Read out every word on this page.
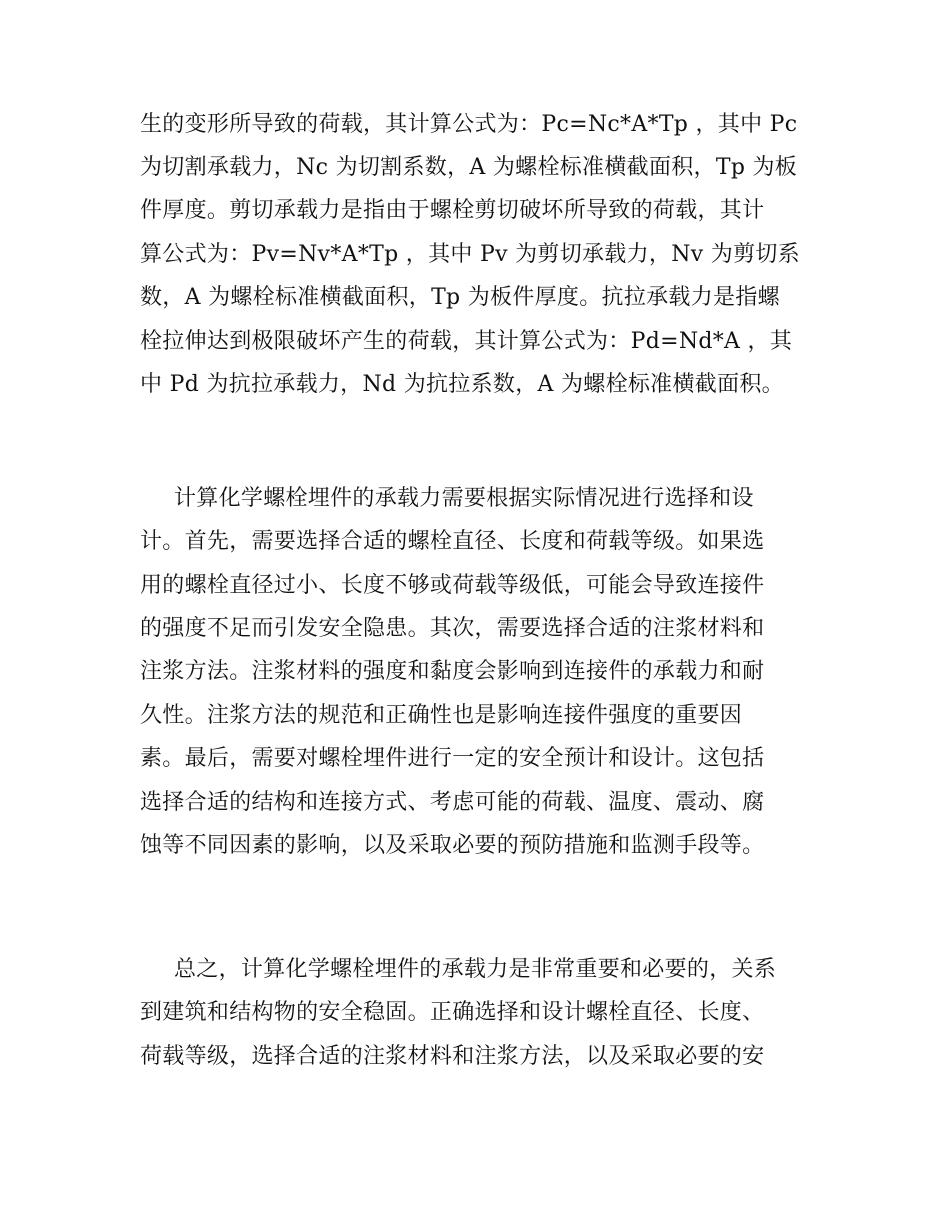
生的变形所导致的荷载，其计算公式为：Pc=Nc*A*Tp ，其中 Pc
为切割承载力，Nc 为切割系数，A 为螺栓标准横截面积，Tp 为板
件厚度。剪切承载力是指由于螺栓剪切破坏所导致的荷载，其计
算公式为：Pv=Nv*A*Tp ，其中 Pv 为剪切承载力，Nv 为剪切系
数，A 为螺栓标准横截面积，Tp 为板件厚度。抗拉承载力是指螺
栓拉伸达到极限破坏产生的荷载，其计算公式为：Pd=Nd*A ，其
中 Pd 为抗拉承载力，Nd 为抗拉系数，A 为螺栓标准横截面积。
计算化学螺栓埋件的承载力需要根据实际情况进行选择和设
计。首先，需要选择合适的螺栓直径、长度和荷载等级。如果选
用的螺栓直径过小、长度不够或荷载等级低，可能会导致连接件
的强度不足而引发安全隐患。其次，需要选择合适的注浆材料和
注浆方法。注浆材料的强度和黏度会影响到连接件的承载力和耐
久性。注浆方法的规范和正确性也是影响连接件强度的重要因
素。最后，需要对螺栓埋件进行一定的安全预计和设计。这包括
选择合适的结构和连接方式、考虑可能的荷载、温度、震动、腐
蚀等不同因素的影响，以及采取必要的预防措施和监测手段等。
总之，计算化学螺栓埋件的承载力是非常重要和必要的，关系
到建筑和结构物的安全稳固。正确选择和设计螺栓直径、长度、
荷载等级，选择合适的注浆材料和注浆方法，以及采取必要的安
